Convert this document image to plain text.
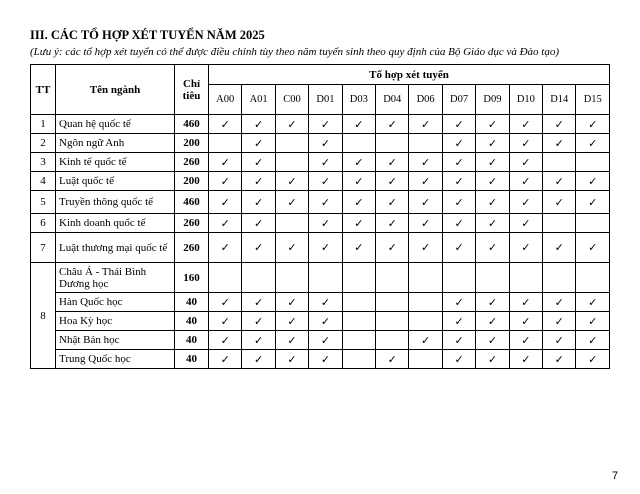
III. CÁC TỔ HỢP XÉT TUYỂN NĂM 2025

(Lưu ý: các tổ hợp xét tuyển có thể được điều chỉnh tùy theo năm tuyển sinh theo quy định của Bộ Giáo dục và Đào tạo)

TT	Tên ngành	Chỉ tiêu	Tổ hợp xét tuyển											
			A00	A01	C00	D01	D03	D04	D06	D07	D09	D10	D14	D15
1	Quan hệ quốc tế	460	✓	✓	✓	✓	✓	✓	✓	✓	✓	✓	✓	✓
2	Ngôn ngữ Anh	200		✓		✓				✓	✓	✓	✓	✓
3	Kinh tế quốc tế	260	✓	✓		✓	✓	✓	✓	✓	✓	✓		
4	Luật quốc tế	200	✓	✓	✓	✓	✓	✓	✓	✓	✓	✓	✓	✓
5	Truyền thông quốc tế	460	✓	✓	✓	✓	✓	✓	✓	✓	✓	✓	✓	✓
6	Kinh doanh quốc tế	260	✓	✓		✓	✓	✓	✓	✓	✓	✓		
7	Luật thương mại quốc tế	260	✓	✓	✓	✓	✓	✓	✓	✓	✓	✓	✓	✓
8	Châu Á - Thái Bình Dương học	160												
	Hàn Quốc học	40	✓	✓	✓	✓				✓	✓	✓	✓	✓
	Hoa Kỳ học	40	✓	✓	✓	✓				✓	✓	✓	✓	✓
	Nhật Bản học	40	✓	✓	✓	✓			✓	✓	✓	✓	✓	✓
	Trung Quốc học	40	✓	✓	✓	✓		✓		✓	✓	✓	✓	✓
7
